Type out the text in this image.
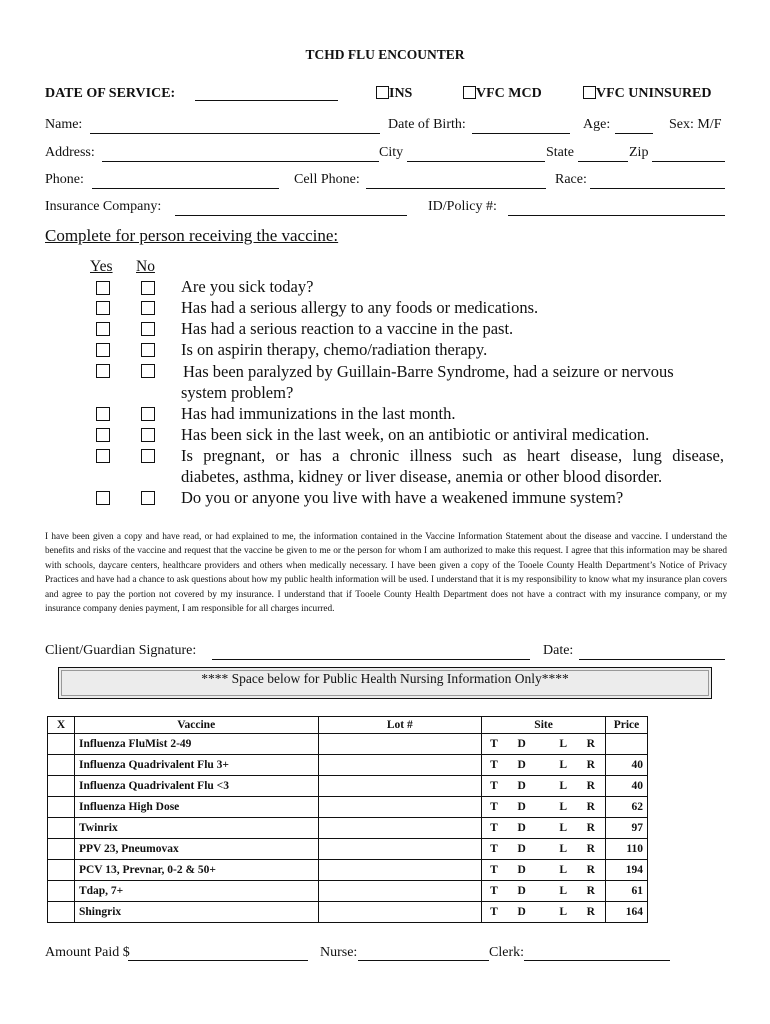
TCHD FLU ENCOUNTER
DATE OF SERVICE:	INS	VFC MCD	VFC UNINSURED
Name:	Date of Birth:	Age:	Sex: M/F
Address:	City	State	Zip
Phone:	Cell Phone:	Race:
Insurance Company:	ID/Policy #:
Complete for person receiving the vaccine:
Yes No
Are you sick today?
Has had a serious allergy to any foods or medications.
Has had a serious reaction to a vaccine in the past.
Is on aspirin therapy, chemo/radiation therapy.
Has been paralyzed by Guillain-Barre Syndrome, had a seizure or nervous
system problem?
Has had immunizations in the last month.
Has been sick in the last week, on an antibiotic or antiviral medication.
Is pregnant, or has a chronic illness such as heart disease, lung disease,
diabetes, asthma, kidney or liver disease, anemia or other blood disorder.
Do you or anyone you live with have a weakened immune system?
I have been given a copy and have read, or had explained to me, the information contained in the Vaccine Information Statement about the disease and vaccine. I understand the benefits and risks of the vaccine and request that the vaccine be given to me or the person for whom I am authorized to make this request. I agree that this information may be shared with schools, daycare centers, healthcare providers and others when medically necessary. I have been given a copy of the Tooele County Health Department’s Notice of Privacy Practices and have had a chance to ask questions about how my public health information will be used. I understand that it is my responsibility to know what my insurance plan covers and agree to pay the portion not covered by my insurance. I understand that if Tooele County Health Department does not have a contract with my insurance company, or my insurance company denies payment, I am responsible for all charges incurred.
Client/Guardian Signature:	Date:
**** Space below for Public Health Nursing Information Only****
X	Vaccine	Lot #	Site	Price
	Influenza FluMist 2-49		T D L R	

	Influenza Quadrivalent Flu 3+		T D L R	40
	Influenza Quadrivalent Flu <3		T D L R	40
	Influenza High Dose		T D L R	62
	Twinrix		T D L R	97
	PPV 23, Pneumovax		T D L R	110
	PCV 13, Prevnar, 0-2 & 50+		T D L R	194
	Tdap, 7+		T D L R	61
	Shingrix		T D L R	164
Amount Paid $	Nurse:	Clerk:
